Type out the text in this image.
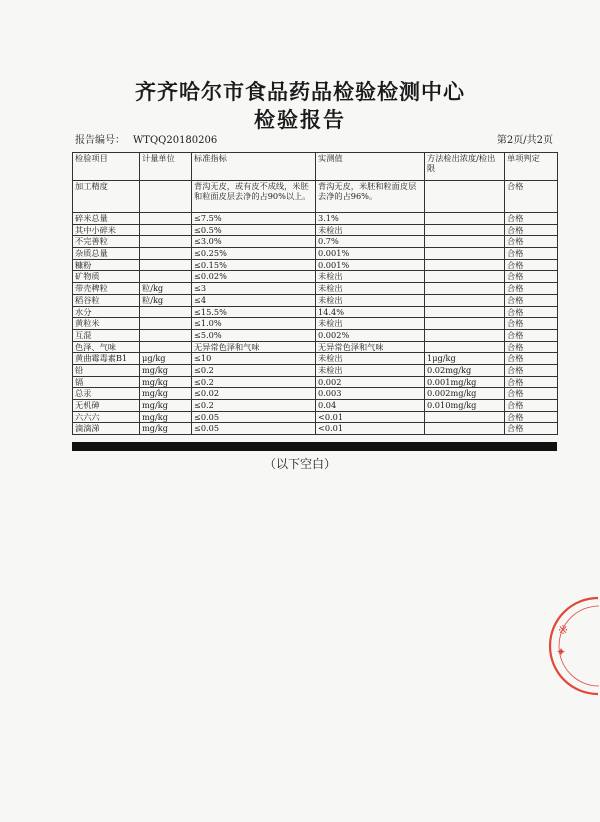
齐齐哈尔市食品药品检验检测中心
检验报告
报告编号： WTQQ20180206	第2页/共2页
检验项目	计量单位	标准指标	实测值	方法检出浓度/检出限	单项判定
加工精度		背沟无皮，或有皮不成线，米胚和粒面皮层去净的占90%以上。	背沟无皮，米胚和粒面皮层去净的占96%。		合格
碎米总量		≤7.5%	3.1%		合格
其中小碎米		≤0.5%	未检出		合格
不完善粒		≤3.0%	0.7%		合格
杂质总量		≤0.25%	0.001%		合格
糠粉		≤0.15%	0.001%		合格
矿物质		≤0.02%	未检出		合格
带壳稗粒	粒/kg	≤3	未检出		合格
稻谷粒	粒/kg	≤4	未检出		合格
水分		≤15.5%	14.4%		合格
黄粒米		≤1.0%	未检出		合格
互混		≤5.0%	0.002%		合格
色泽、气味		无异常色泽和气味	无异常色泽和气味		合格
黄曲霉毒素B1	μg/kg	≤10	未检出	1μg/kg	合格
铅	mg/kg	≤0.2	未检出	0.02mg/kg	合格
镉	mg/kg	≤0.2	0.002	0.001mg/kg	合格
总汞	mg/kg	≤0.02	0.003	0.002mg/kg	合格
无机砷	mg/kg	≤0.2	0.04	0.010mg/kg	合格
六六六	mg/kg	≤0.05	<0.01		合格
滴滴涕	mg/kg	≤0.05	<0.01		合格
（以下空白）
※
✦
